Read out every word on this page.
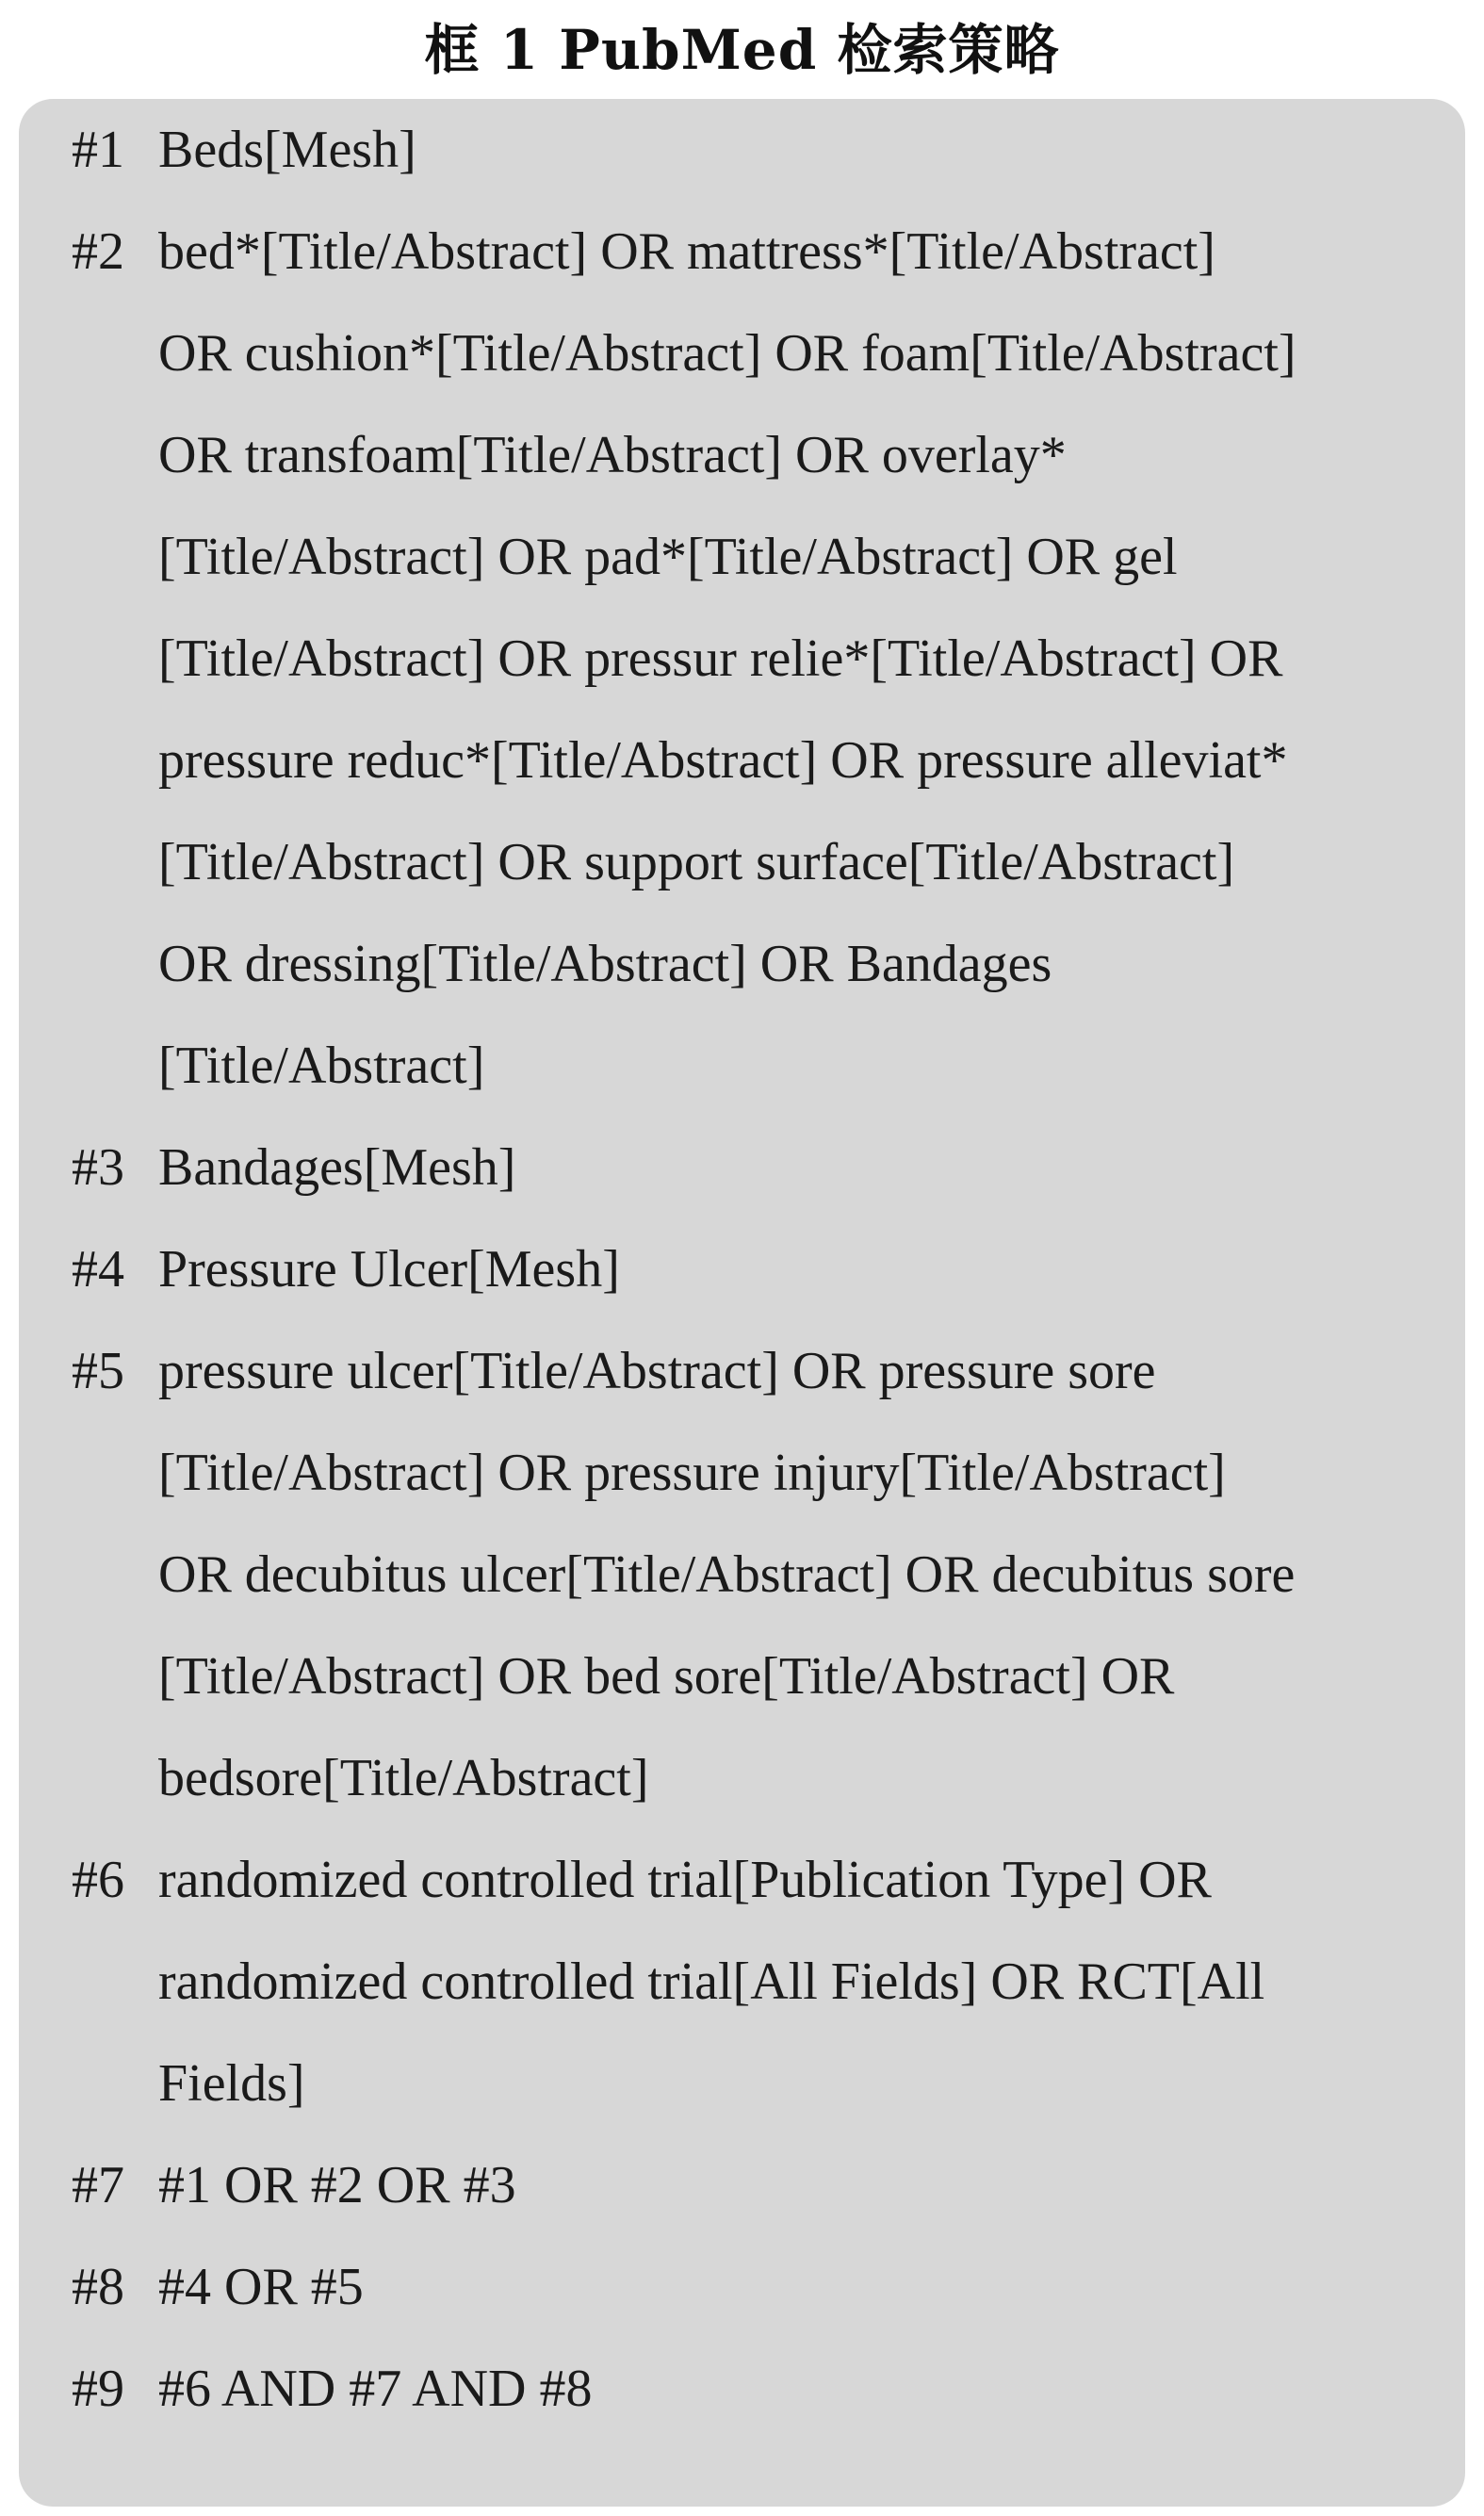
框 1 PubMed 检索策略
#1 Beds[Mesh]
#2 bed*[Title/Abstract] OR mattress*[Title/Abstract]
OR cushion*[Title/Abstract] OR foam[Title/Abstract]
OR transfoam[Title/Abstract] OR overlay*
[Title/Abstract] OR pad*[Title/Abstract] OR gel
[Title/Abstract] OR pressur relie*[Title/Abstract] OR
pressure reduc*[Title/Abstract] OR pressure alleviat*
[Title/Abstract] OR support surface[Title/Abstract]
OR dressing[Title/Abstract] OR Bandages
[Title/Abstract]
#3 Bandages[Mesh]
#4 Pressure Ulcer[Mesh]
#5 pressure ulcer[Title/Abstract] OR pressure sore
[Title/Abstract] OR pressure injury[Title/Abstract]
OR decubitus ulcer[Title/Abstract] OR decubitus sore
[Title/Abstract] OR bed sore[Title/Abstract] OR
bedsore[Title/Abstract]
#6 randomized controlled trial[Publication Type] OR
randomized controlled trial[All Fields] OR RCT[All
Fields]
#7 #1 OR #2 OR #3
#8 #4 OR #5
#9 #6 AND #7 AND #8
